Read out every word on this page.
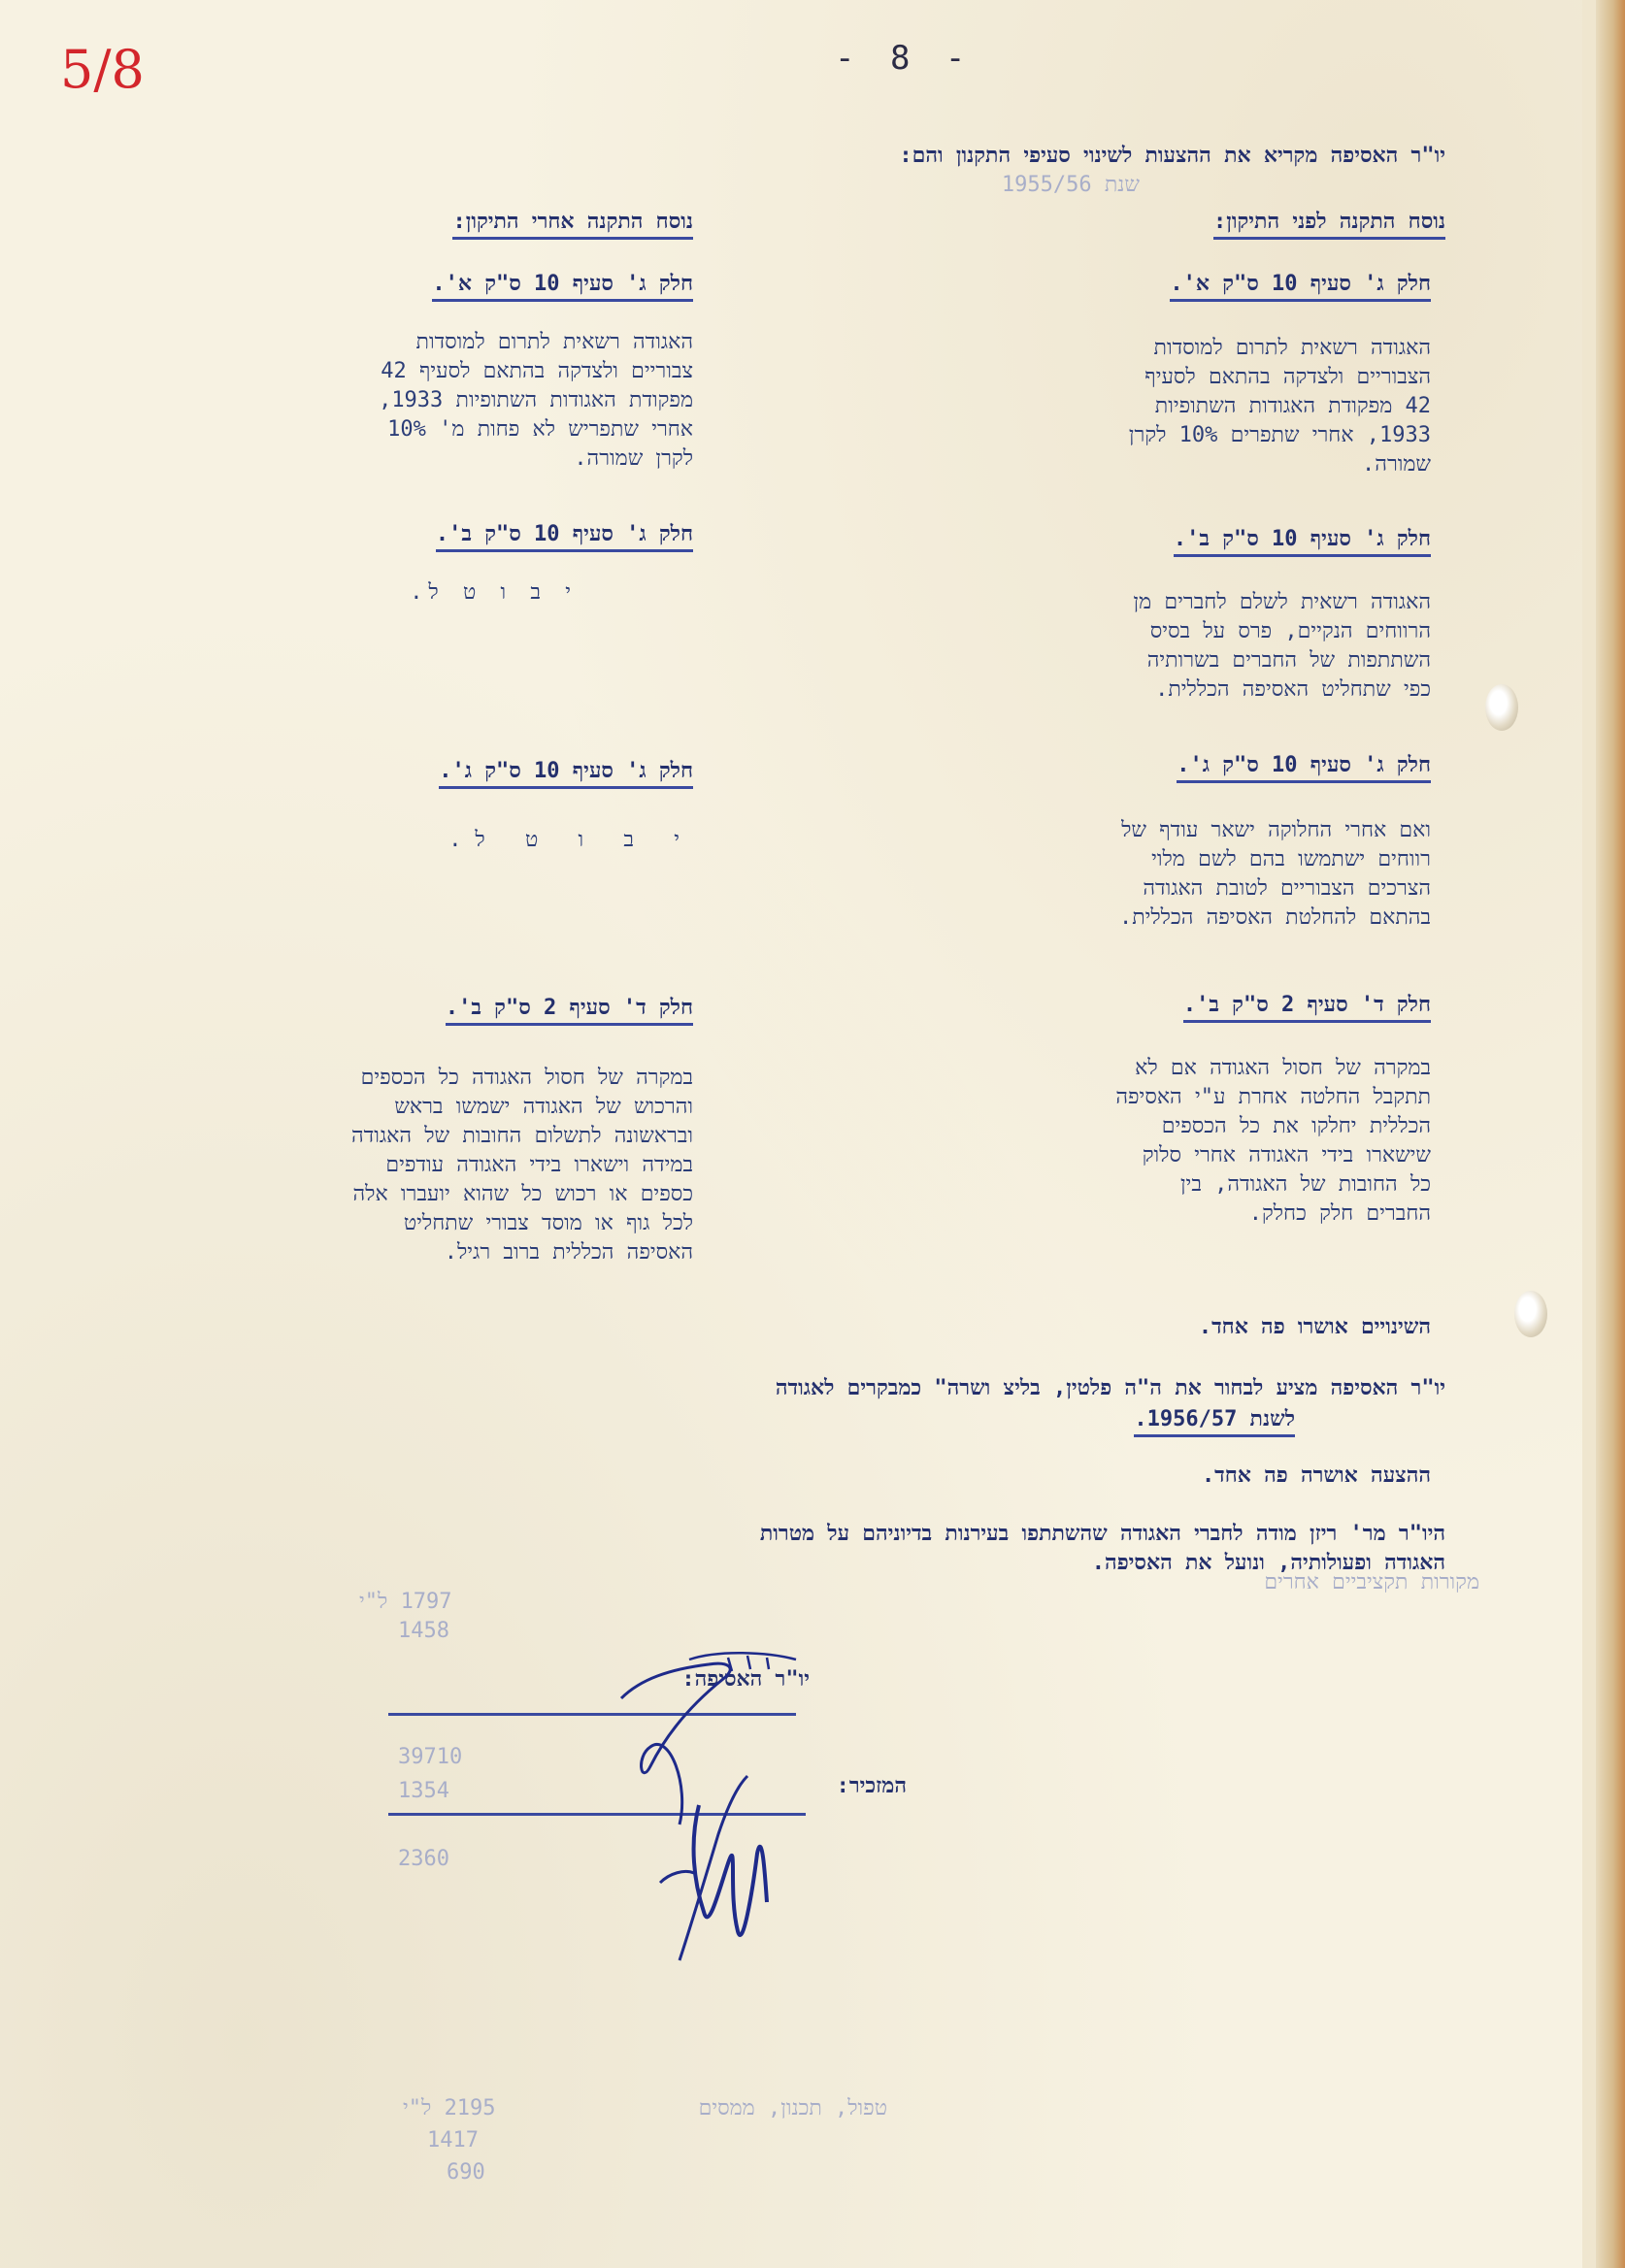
5/8	- 8 -
מקורות תקציביים אחרים
שנת 1955/56
1797 ל"י
1458
39710
1354
2360
2195 ל"י
1417
690
טפול, תכנון, ממסים
יו"ר האסיפה מקריא את ההצעות לשינוי סעיפי התקנון והם:
נוסח התקנה לפני התיקון:
נוסח התקנה אחרי התיקון:
חלק ג' סעיף 10 ס"ק א'.
חלק ג' סעיף 10 ס"ק א'.
האגודה רשאית לתרום למוסדות
הצבוריים ולצדקה בהתאם לסעיף
42 מפקודת האגודות השתופיות
1933, אחרי שתפרים 10% לקרן
שמורה.
האגודה רשאית לתרום למוסדות
צבוריים ולצדקה בהתאם לסעיף 42
מפקודת האגודות השתופיות 1933,
אחרי שתפריש לא פחות מ' 10%
לקרן שמורה.
חלק ג' סעיף 10 ס"ק ב'.
חלק ג' סעיף 10 ס"ק ב'.
האגודה רשאית לשלם לחברים מן
הרווחים הנקיים, פרס על בסיס
השתתפות של החברים בשרותיה
כפי שתחליט האסיפה הכללית.
י ב ו ט ל.
חלק ג' סעיף 10 ס"ק ג'.
חלק ג' סעיף 10 ס"ק ג'.
ואם אחרי החלוקה ישאר עודף של
רווחים ישתמשו בהם לשם מלוי
הצרכים הצבוריים לטובת האגודה
בהתאם להחלטת האסיפה הכללית.
י ב ו ט ל.
חלק ד' סעיף 2 ס"ק ב'.
חלק ד' סעיף 2 ס"ק ב'.
במקרה של חסול האגודה אם לא
תתקבל החלטה אחרת ע"י האסיפה
הכללית יחלקו את כל הכספים
שישארו בידי האגודה אחרי סלוק
כל החובות של האגודה, בין
החברים חלק כחלק.
במקרה של חסול האגודה כל הכספים
והרכוש של האגודה ישמשו בראש
ובראשונה לתשלום החובות של האגודה
במידה וישארו בידי האגודה עודפים
כספים או רכוש כל שהוא יועברו אלה
לכל גוף או מוסד צבורי שתחליט
האסיפה הכללית ברוב רגיל.
השינויים אושרו פה אחד.
יו"ר האסיפה מציע לבחור את ה"ה פלטין, בליצ ושרה" כמבקרים לאגודה
לשנת 1956/57.
ההצעה אושרה פה אחד.
היו"ר מר' ריזן מודה לחברי האגודה שהשתתפו בעירנות בדיוניהם על מטרות
האגודה ופעולותיה, ונועל את האסיפה.
יו"ר האסיפה:
המזכיר:
